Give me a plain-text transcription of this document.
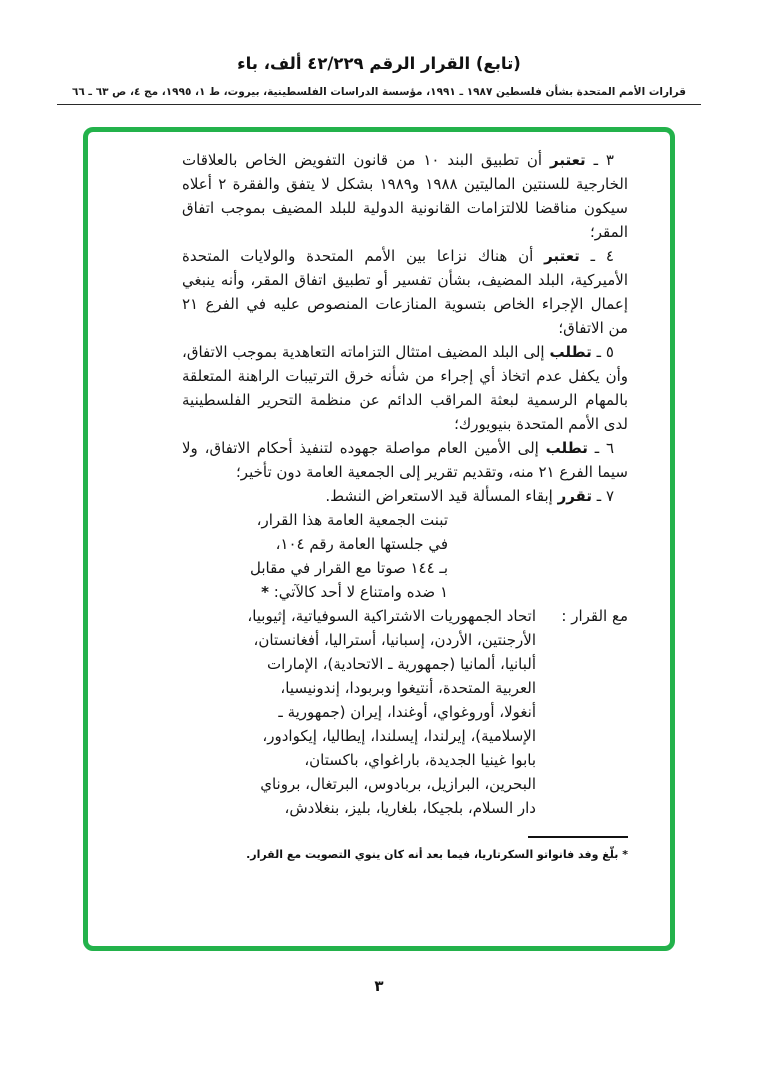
(تابع) القرار الرقم ٤٢/٢٢٩ ألف، باء
قرارات الأمم المتحدة بشأن فلسطين ١٩٨٧ ـ ١٩٩١، مؤسسة الدراسات الفلسطينية، بيروت، ط ١، ١٩٩٥، مج ٤، ص ٦٣ ـ ٦٦

٣ ـ تعتبر أن تطبيق البند ١٠ من قانون التفويض الخاص بالعلاقات الخارجية للسنتين الماليتين ١٩٨٨ و١٩٨٩ بشكل لا يتفق والفقرة ٢ أعلاه سيكون مناقضا للالتزامات القانونية الدولية للبلد المضيف بموجب اتفاق المقر؛

٤ ـ تعتبر أن هناك نزاعا بين الأمم المتحدة والولايات المتحدة الأميركية، البلد المضيف، بشأن تفسير أو تطبيق اتفاق المقر، وأنه ينبغي إعمال الإجراء الخاص بتسوية المنازعات المنصوص عليه في الفرع ٢١ من الاتفاق؛

٥ ـ تطلب إلى البلد المضيف امتثال التزاماته التعاهدية بموجب الاتفاق، وأن يكفل عدم اتخاذ أي إجراء من شأنه خرق الترتيبات الراهنة المتعلقة بالمهام الرسمية لبعثة المراقب الدائم عن منظمة التحرير الفلسطينية لدى الأمم المتحدة بنيويورك؛

٦ ـ تطلب إلى الأمين العام مواصلة جهوده لتنفيذ أحكام الاتفاق، ولا سيما الفرع ٢١ منه، وتقديم تقرير إلى الجمعية العامة دون تأخير؛

٧ ـ تقرر إبقاء المسألة قيد الاستعراض النشط.

تبنت الجمعية العامة هذا القرار،
في جلستها العامة رقم ١٠٤،
بـ ١٤٤ صوتا مع القرار في مقابل
١ ضده وامتناع لا أحد كالآتي: *
مع القرار :
اتحاد الجمهوريات الاشتراكية السوفياتية، إثيوبيا،
الأرجنتين، الأردن، إسبانيا، أستراليا، أفغانستان،
ألبانيا، ألمانيا (جمهورية ـ الاتحادية)، الإمارات
العربية المتحدة، أنتيغوا وبربودا، إندونيسيا،
أنغولا، أوروغواي، أوغندا، إيران (جمهورية ـ
الإسلامية)، إيرلندا، إيسلندا، إيطاليا، إيكوادور،
بابوا غينيا الجديدة، باراغواي، باكستان،
البحرين، البرازيل، بربادوس، البرتغال، بروناي
دار السلام، بلجيكا، بلغاريا، بليز، بنغلادش،
* بلّغ وفد فانواتو السكرتاريا، فيما بعد أنه كان ينوي التصويت مع القرار.
٣
